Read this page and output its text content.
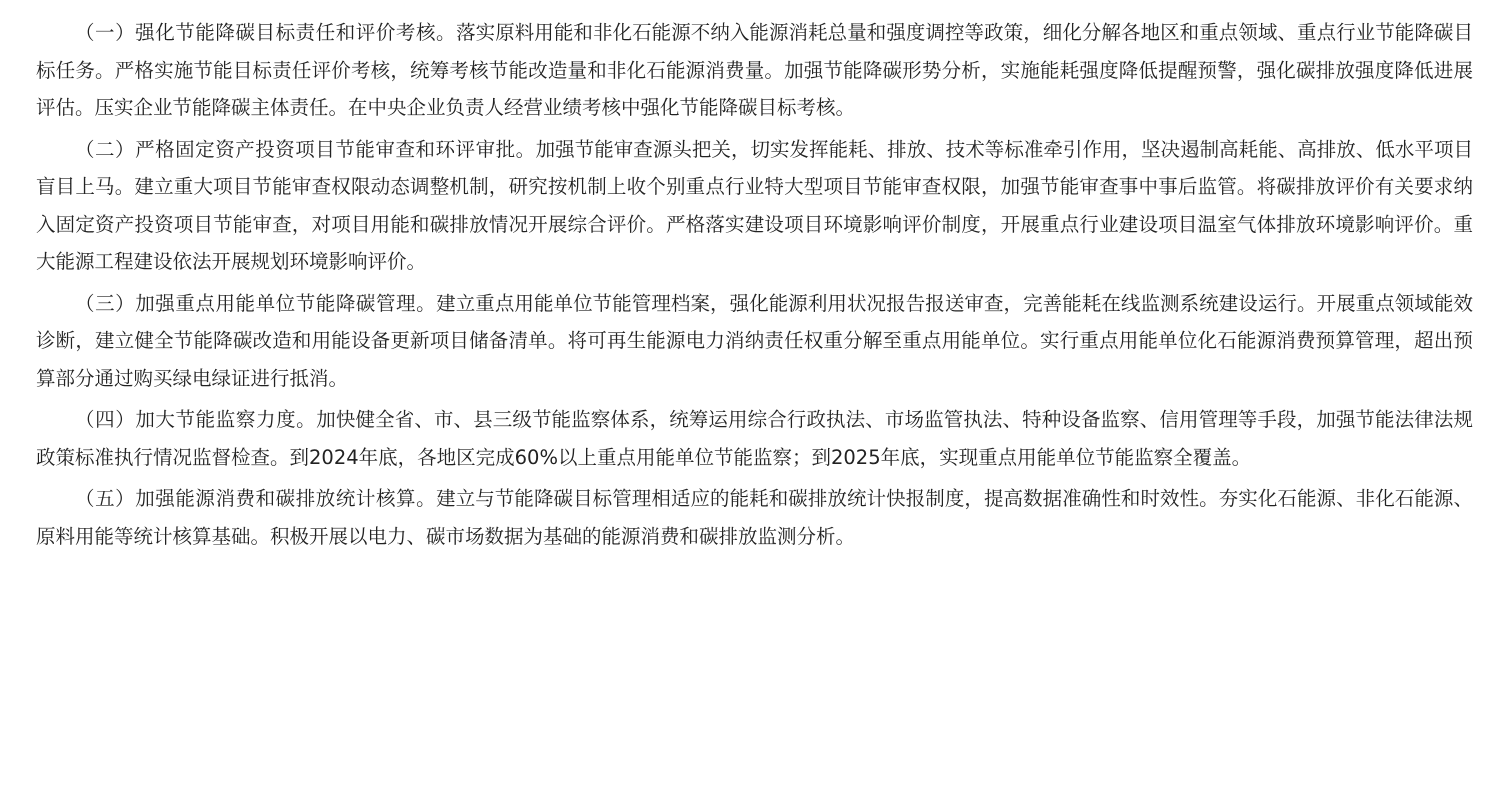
（一）强化节能降碳目标责任和评价考核。落实原料用能和非化石能源不纳入能源消耗总量和强度调控等政策，细化分解各地区和重点领域、重点行业节能降碳目标任务。严格实施节能目标责任评价考核，统筹考核节能改造量和非化石能源消费量。加强节能降碳形势分析，实施能耗强度降低提醒预警，强化碳排放强度降低进展评估。压实企业节能降碳主体责任。在中央企业负责人经营业绩考核中强化节能降碳目标考核。

（二）严格固定资产投资项目节能审查和环评审批。加强节能审查源头把关，切实发挥能耗、排放、技术等标准牵引作用，坚决遏制高耗能、高排放、低水平项目盲目上马。建立重大项目节能审查权限动态调整机制，研究按机制上收个别重点行业特大型项目节能审查权限，加强节能审查事中事后监管。将碳排放评价有关要求纳入固定资产投资项目节能审查，对项目用能和碳排放情况开展综合评价。严格落实建设项目环境影响评价制度，开展重点行业建设项目温室气体排放环境影响评价。重大能源工程建设依法开展规划环境影响评价。

（三）加强重点用能单位节能降碳管理。建立重点用能单位节能管理档案，强化能源利用状况报告报送审查，完善能耗在线监测系统建设运行。开展重点领域能效诊断，建立健全节能降碳改造和用能设备更新项目储备清单。将可再生能源电力消纳责任权重分解至重点用能单位。实行重点用能单位化石能源消费预算管理，超出预算部分通过购买绿电绿证进行抵消。

（四）加大节能监察力度。加快健全省、市、县三级节能监察体系，统筹运用综合行政执法、市场监管执法、特种设备监察、信用管理等手段，加强节能法律法规政策标准执行情况监督检查。到2024年底，各地区完成60%以上重点用能单位节能监察；到2025年底，实现重点用能单位节能监察全覆盖。

（五）加强能源消费和碳排放统计核算。建立与节能降碳目标管理相适应的能耗和碳排放统计快报制度，提高数据准确性和时效性。夯实化石能源、非化石能源、原料用能等统计核算基础。积极开展以电力、碳市场数据为基础的能源消费和碳排放监测分析。
